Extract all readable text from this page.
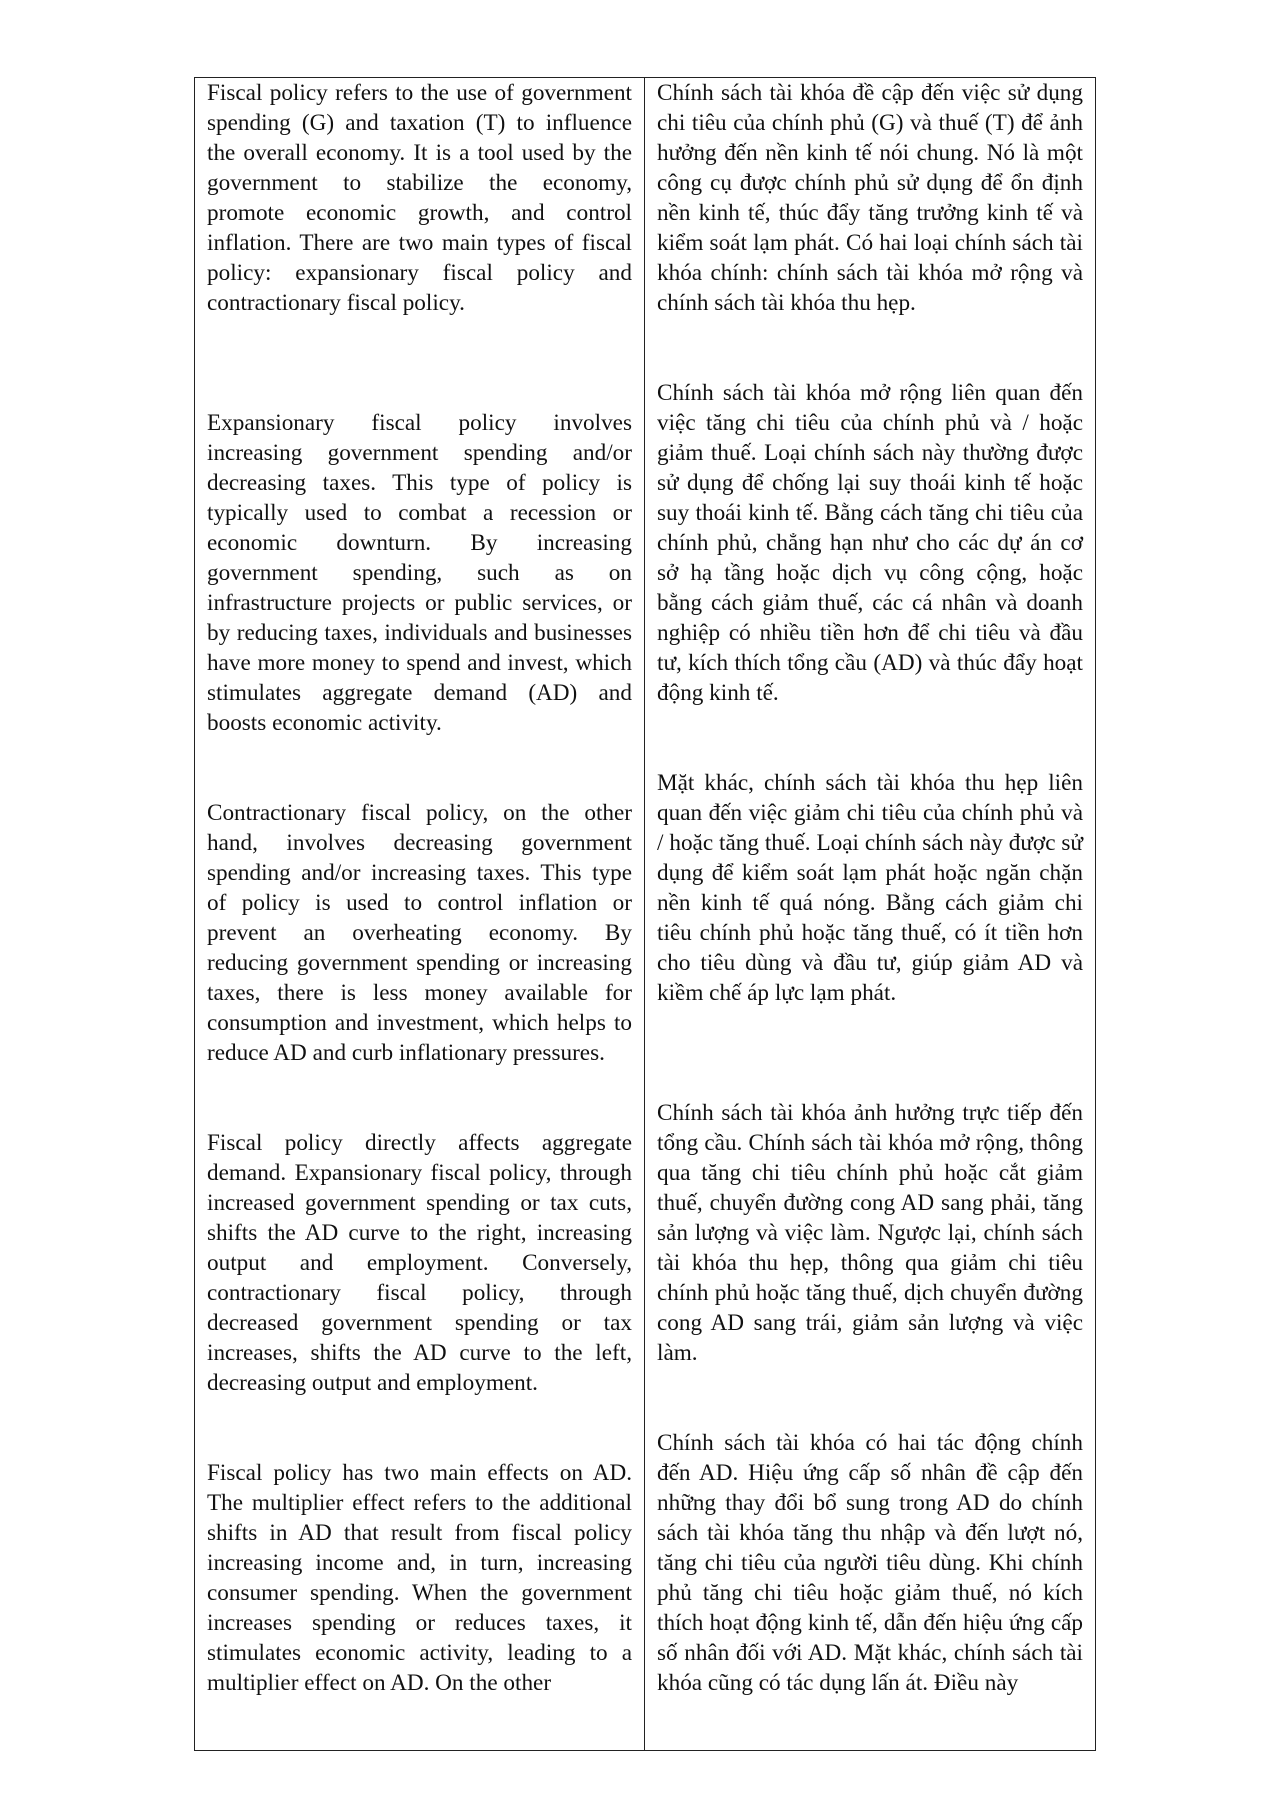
Fiscal policy refers to the use of government spending (G) and taxation (T) to influence the overall economy. It is a tool used by the government to stabilize the economy, promote economic growth, and control inflation. There are two main types of fiscal policy: expansionary fiscal policy and contractionary fiscal policy.

Expansionary fiscal policy involves increasing government spending and/or decreasing taxes. This type of policy is typically used to combat a recession or economic downturn. By increasing government spending, such as on infrastructure projects or public services, or by reducing taxes, individuals and businesses have more money to spend and invest, which stimulates aggregate demand (AD) and boosts economic activity.

Contractionary fiscal policy, on the other hand, involves decreasing government spending and/or increasing taxes. This type of policy is used to control inflation or prevent an overheating economy. By reducing government spending or increasing taxes, there is less money available for consumption and investment, which helps to reduce AD and curb inflationary pressures.

Fiscal policy directly affects aggregate demand. Expansionary fiscal policy, through increased government spending or tax cuts, shifts the AD curve to the right, increasing output and employment. Conversely, contractionary fiscal policy, through decreased government spending or tax increases, shifts the AD curve to the left, decreasing output and employment.

Fiscal policy has two main effects on AD. The multiplier effect refers to the additional shifts in AD that result from fiscal policy increasing income and, in turn, increasing consumer spending. When the government increases spending or reduces taxes, it stimulates economic activity, leading to a multiplier effect on AD. On the other

Chính sách tài khóa đề cập đến việc sử dụng chi tiêu của chính phủ (G) và thuế (T) để ảnh hưởng đến nền kinh tế nói chung. Nó là một công cụ được chính phủ sử dụng để ổn định nền kinh tế, thúc đẩy tăng trưởng kinh tế và kiểm soát lạm phát. Có hai loại chính sách tài khóa chính: chính sách tài khóa mở rộng và chính sách tài khóa thu hẹp.

Chính sách tài khóa mở rộng liên quan đến việc tăng chi tiêu của chính phủ và / hoặc giảm thuế. Loại chính sách này thường được sử dụng để chống lại suy thoái kinh tế hoặc suy thoái kinh tế. Bằng cách tăng chi tiêu của chính phủ, chẳng hạn như cho các dự án cơ sở hạ tầng hoặc dịch vụ công cộng, hoặc bằng cách giảm thuế, các cá nhân và doanh nghiệp có nhiều tiền hơn để chi tiêu và đầu tư, kích thích tổng cầu (AD) và thúc đẩy hoạt động kinh tế.

Mặt khác, chính sách tài khóa thu hẹp liên quan đến việc giảm chi tiêu của chính phủ và / hoặc tăng thuế. Loại chính sách này được sử dụng để kiểm soát lạm phát hoặc ngăn chặn nền kinh tế quá nóng. Bằng cách giảm chi tiêu chính phủ hoặc tăng thuế, có ít tiền hơn cho tiêu dùng và đầu tư, giúp giảm AD và kiềm chế áp lực lạm phát.

Chính sách tài khóa ảnh hưởng trực tiếp đến tổng cầu. Chính sách tài khóa mở rộng, thông qua tăng chi tiêu chính phủ hoặc cắt giảm thuế, chuyển đường cong AD sang phải, tăng sản lượng và việc làm. Ngược lại, chính sách tài khóa thu hẹp, thông qua giảm chi tiêu chính phủ hoặc tăng thuế, dịch chuyển đường cong AD sang trái, giảm sản lượng và việc làm.

Chính sách tài khóa có hai tác động chính đến AD. Hiệu ứng cấp số nhân đề cập đến những thay đổi bổ sung trong AD do chính sách tài khóa tăng thu nhập và đến lượt nó, tăng chi tiêu của người tiêu dùng. Khi chính phủ tăng chi tiêu hoặc giảm thuế, nó kích thích hoạt động kinh tế, dẫn đến hiệu ứng cấp số nhân đối với AD. Mặt khác, chính sách tài khóa cũng có tác dụng lấn át. Điều này
